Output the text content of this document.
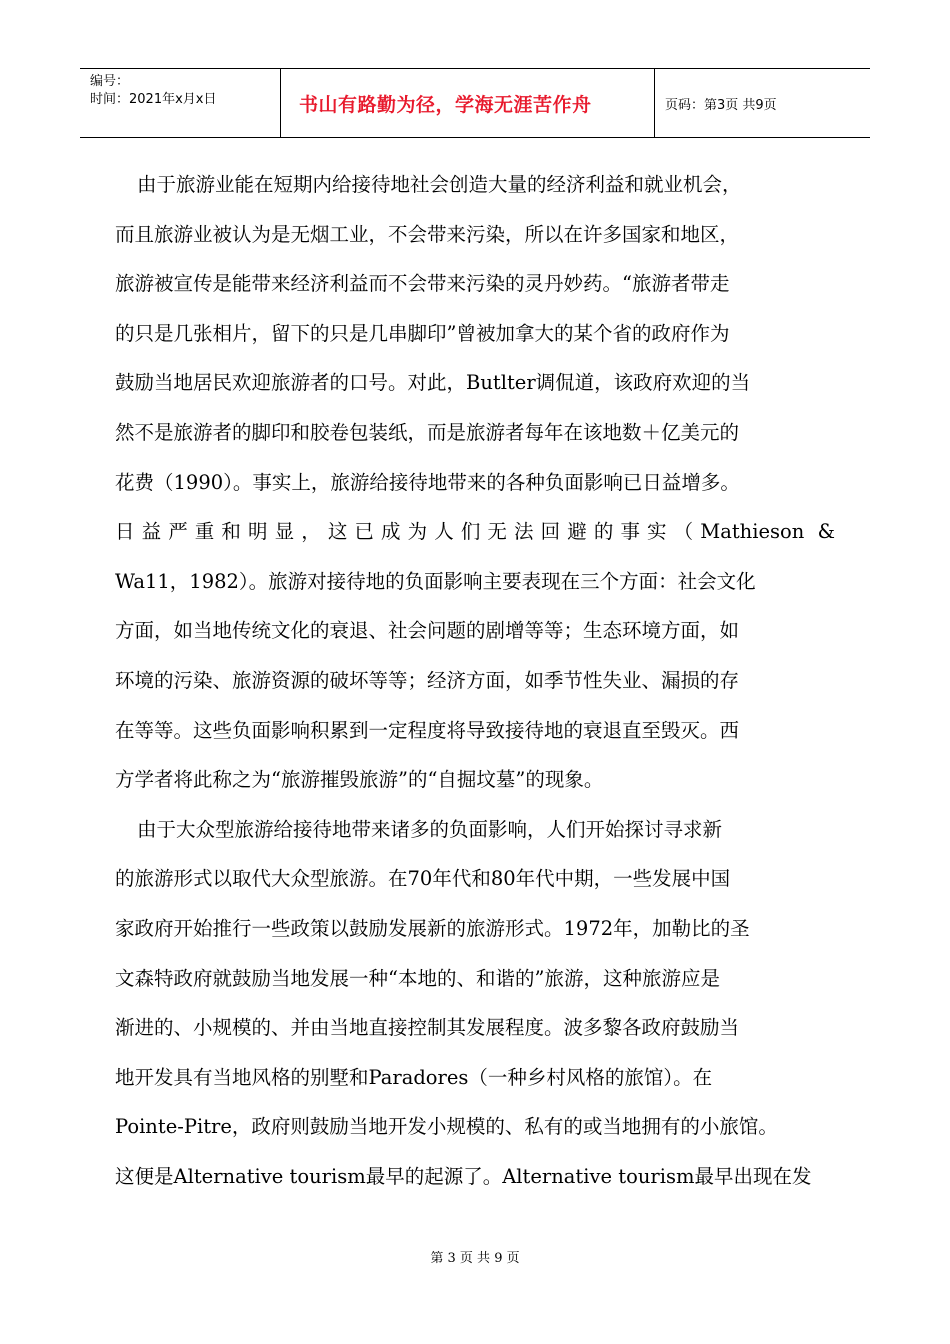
编号：
时间：2021年x月x日	书山有路勤为径，学海无涯苦作舟	页码：第3页 共9页
由于旅游业能在短期内给接待地社会创造大量的经济利益和就业机会，
而且旅游业被认为是无烟工业，不会带来污染，所以在许多国家和地区，
旅游被宣传是能带来经济利益而不会带来污染的灵丹妙药。“旅游者带走
的只是几张相片，留下的只是几串脚印”曾被加拿大的某个省的政府作为
鼓励当地居民欢迎旅游者的口号。对此，Butlter调侃道，该政府欢迎的当
然不是旅游者的脚印和胶卷包装纸，而是旅游者每年在该地数＋亿美元的
花费（1990）。事实上，旅游给接待地带来的各种负面影响已日益增多。
日益严重和明显，这已成为人们无法回避的事实（Mathieson &
Wa11，1982）。旅游对接待地的负面影响主要表现在三个方面：社会文化
方面，如当地传统文化的衰退、社会问题的剧增等等；生态环境方面，如
环境的污染、旅游资源的破坏等等；经济方面，如季节性失业、漏损的存
在等等。这些负面影响积累到一定程度将导致接待地的衰退直至毁灭。西
方学者将此称之为“旅游摧毁旅游”的“自掘坟墓”的现象。
由于大众型旅游给接待地带来诸多的负面影响，人们开始探讨寻求新
的旅游形式以取代大众型旅游。在70年代和80年代中期，一些发展中国
家政府开始推行一些政策以鼓励发展新的旅游形式。1972年，加勒比的圣
文森特政府就鼓励当地发展一种“本地的、和谐的”旅游，这种旅游应是
渐进的、小规模的、并由当地直接控制其发展程度。波多黎各政府鼓励当
地开发具有当地风格的别墅和Paradores（一种乡村风格的旅馆）。在
Pointe-Pitre，政府则鼓励当地开发小规模的、私有的或当地拥有的小旅馆。
这便是Alternative tourism最早的起源了。Alternative tourism最早出现在发
第 3 页 共 9 页
